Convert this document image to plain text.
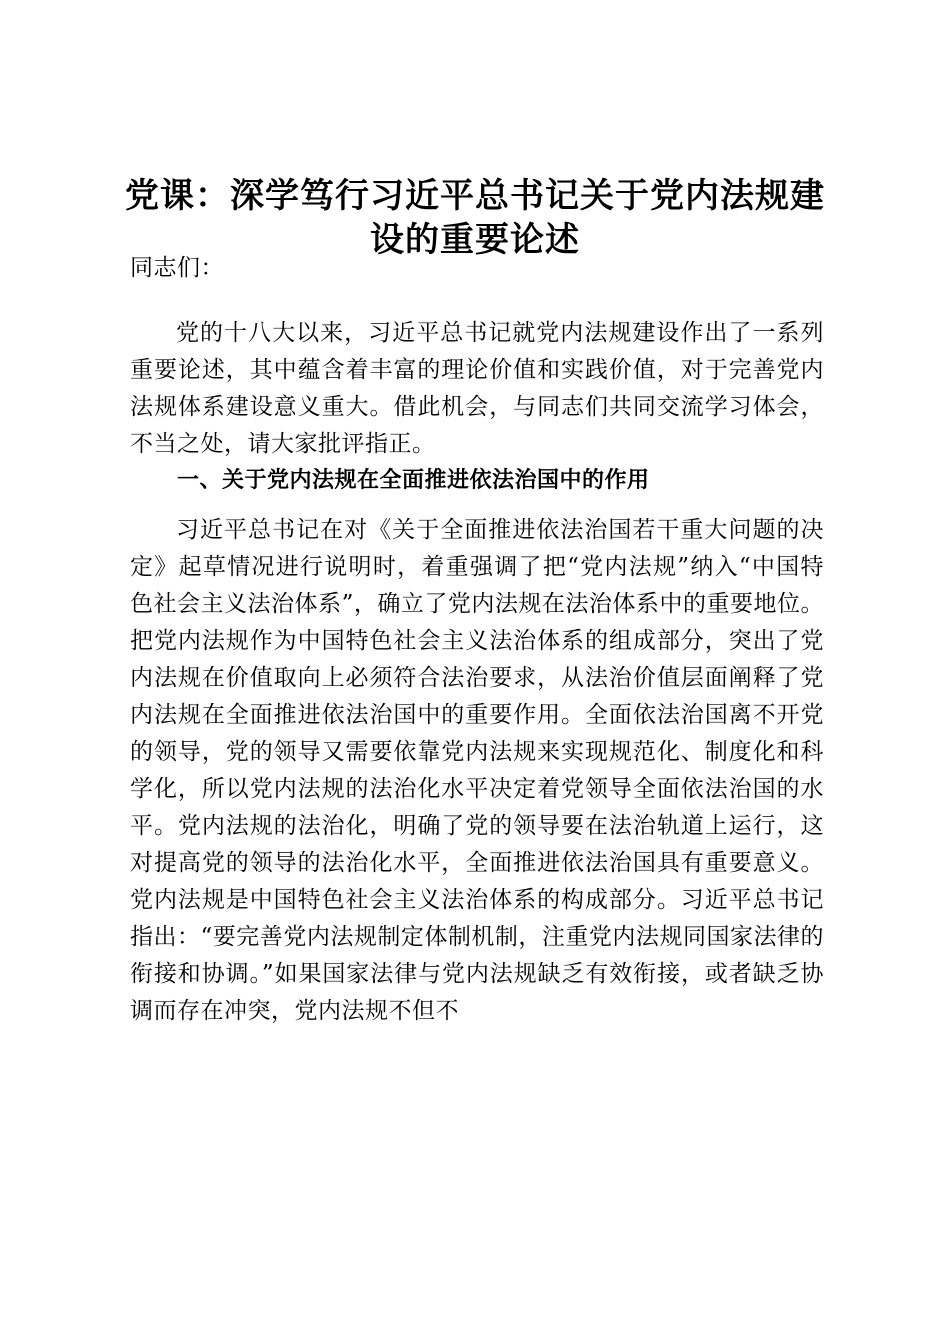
党课：深学笃行习近平总书记关于党内法规建设的重要论述

同志们：

党的十八大以来，习近平总书记就党内法规建设作出了一系列重要论述，其中蕴含着丰富的理论价值和实践价值，对于完善党内法规体系建设意义重大。借此机会，与同志们共同交流学习体会，不当之处，请大家批评指正。

一、关于党内法规在全面推进依法治国中的作用

习近平总书记在对《关于全面推进依法治国若干重大问题的决定》起草情况进行说明时，着重强调了把“党内法规”纳入“中国特色社会主义法治体系”，确立了党内法规在法治体系中的重要地位。把党内法规作为中国特色社会主义法治体系的组成部分，突出了党内法规在价值取向上必须符合法治要求，从法治价值层面阐释了党内法规在全面推进依法治国中的重要作用。全面依法治国离不开党的领导，党的领导又需要依靠党内法规来实现规范化、制度化和科学化，所以党内法规的法治化水平决定着党领导全面依法治国的水平。党内法规的法治化，明确了党的领导要在法治轨道上运行，这对提高党的领导的法治化水平，全面推进依法治国具有重要意义。党内法规是中国特色社会主义法治体系的构成部分。习近平总书记指出：“要完善党内法规制定体制机制，注重党内法规同国家法律的衔接和协调。”如果国家法律与党内法规缺乏有效衔接，或者缺乏协调而存在冲突，党内法规不但不
